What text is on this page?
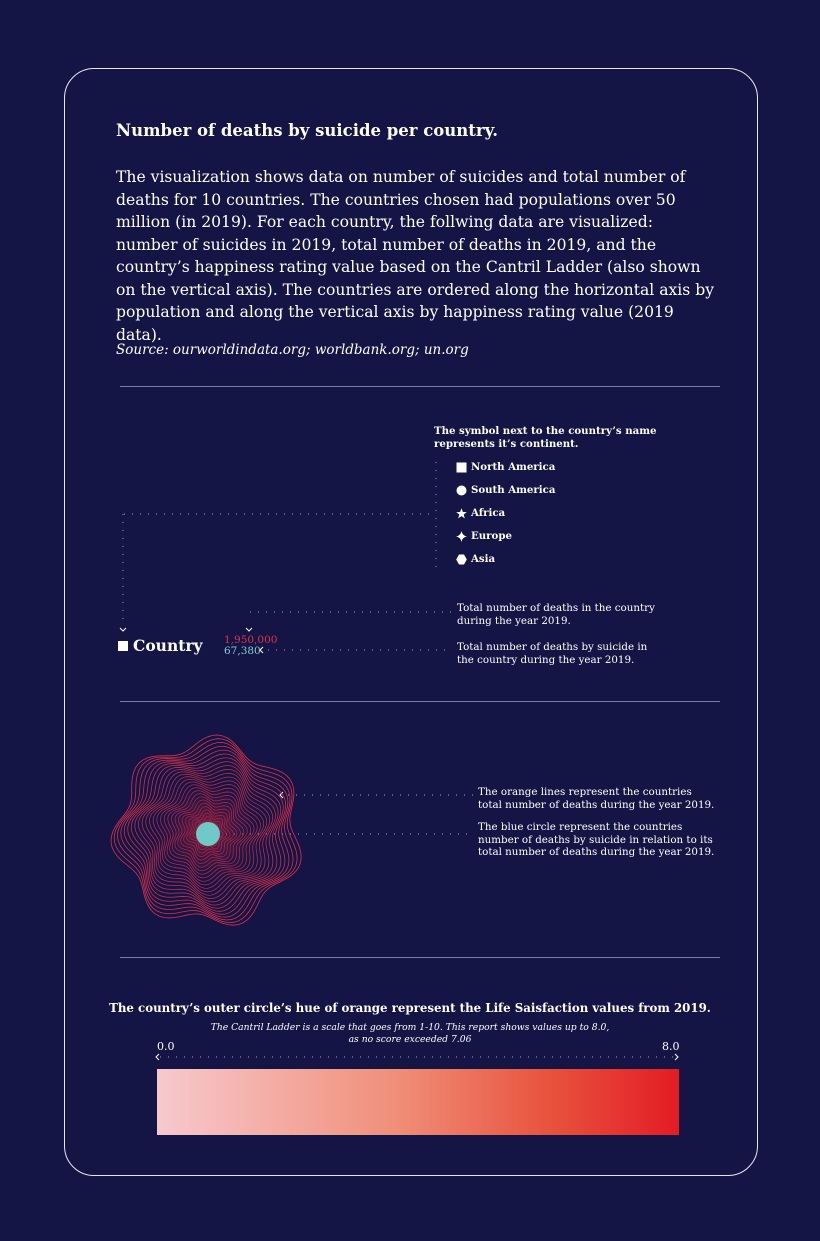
Number of deaths by suicide per country.
The visualization shows data on number of suicides and total number of deaths for 10 countries. The countries chosen had populations over 50 million (in 2019). For each country, the follwing data are visualized: number of suicides in 2019, total number of deaths in 2019, and the country’s happiness rating value based on the Cantril Ladder (also shown on the vertical axis). The countries are ordered along the horizontal axis by population and along the vertical axis by happiness rating value (2019 data).
Source: ourworldindata.org; worldbank.org; un.org
The symbol next to the country’s name represents it’s continent.
North America
South America
Africa
Europe
Asia
Total number of deaths in the country during the year 2019.
Total number of deaths by suicide in the country during the year 2019.
Country 1,950,000
67,380
The orange lines represent the countries total number of deaths during the year 2019.
The blue circle represent the countries number of deaths by suicide in relation to its total number of deaths during the year 2019.
The country’s outer circle’s hue of orange represent the Life Saisfaction values from 2019.
The Cantril Ladder is a scale that goes from 1-10. This report shows values up to 8.0,
as no score exceeded 7.06
0.0	8.0
